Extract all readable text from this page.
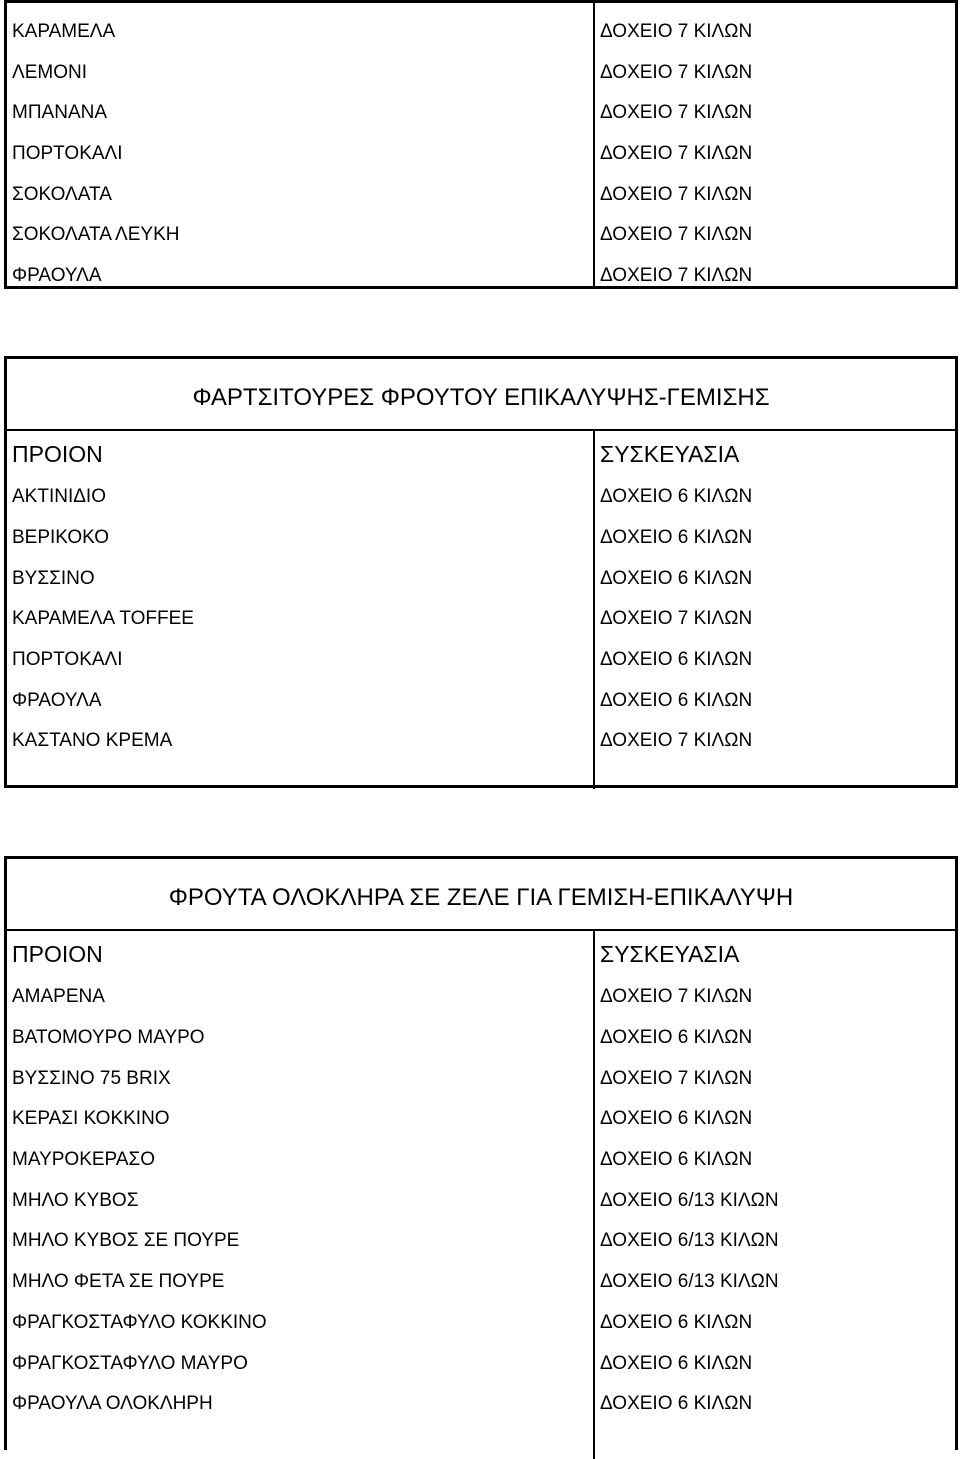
ΚΑΡΑΜΕΛΑ	ΔΟΧΕΙΟ 7 ΚΙΛΩΝ
ΛΕΜΟΝΙ	ΔΟΧΕΙΟ 7 ΚΙΛΩΝ
ΜΠΑΝΑΝΑ	ΔΟΧΕΙΟ 7 ΚΙΛΩΝ
ΠΟΡΤΟΚΑΛΙ	ΔΟΧΕΙΟ 7 ΚΙΛΩΝ
ΣΟΚΟΛΑΤΑ	ΔΟΧΕΙΟ 7 ΚΙΛΩΝ
ΣΟΚΟΛΑΤΑ ΛΕΥΚΗ	ΔΟΧΕΙΟ 7 ΚΙΛΩΝ
ΦΡΑΟΥΛΑ	ΔΟΧΕΙΟ 7 ΚΙΛΩΝ
ΦΑΡΤΣΙΤΟΥΡΕΣ ΦΡΟΥΤΟΥ ΕΠΙΚΑΛΥΨΗΣ-ΓΕΜΙΣΗΣ
ΠΡΟΙΟΝ	ΣΥΣΚΕΥΑΣΙΑ
ΑΚΤΙΝΙΔΙΟ	ΔΟΧΕΙΟ 6 ΚΙΛΩΝ
ΒΕΡΙΚΟΚΟ	ΔΟΧΕΙΟ 6 ΚΙΛΩΝ
ΒΥΣΣΙΝΟ	ΔΟΧΕΙΟ 6 ΚΙΛΩΝ
ΚΑΡΑΜΕΛΑ TOFFEE	ΔΟΧΕΙΟ 7 ΚΙΛΩΝ
ΠΟΡΤΟΚΑΛΙ	ΔΟΧΕΙΟ 6 ΚΙΛΩΝ
ΦΡΑΟΥΛΑ	ΔΟΧΕΙΟ 6 ΚΙΛΩΝ
ΚΑΣΤΑΝΟ ΚΡΕΜΑ	ΔΟΧΕΙΟ 7 ΚΙΛΩΝ
ΦΡΟΥΤΑ ΟΛΟΚΛΗΡΑ ΣΕ ΖΕΛΕ ΓΙΑ ΓΕΜΙΣΗ-ΕΠΙΚΑΛΥΨΗ
ΠΡΟΙΟΝ	ΣΥΣΚΕΥΑΣΙΑ
ΑΜΑΡΕΝΑ	ΔΟΧΕΙΟ 7 ΚΙΛΩΝ
ΒΑΤΟΜΟΥΡΟ ΜΑΥΡΟ	ΔΟΧΕΙΟ 6 ΚΙΛΩΝ
ΒΥΣΣΙΝΟ 75 BRIX	ΔΟΧΕΙΟ 7 ΚΙΛΩΝ
ΚΕΡΑΣΙ ΚΟΚΚΙΝΟ	ΔΟΧΕΙΟ 6 ΚΙΛΩΝ
ΜΑΥΡΟΚΕΡΑΣΟ	ΔΟΧΕΙΟ 6 ΚΙΛΩΝ
ΜΗΛΟ ΚΥΒΟΣ	ΔΟΧΕΙΟ 6/13 ΚΙΛΩΝ
ΜΗΛΟ ΚΥΒΟΣ ΣΕ ΠΟΥΡΕ	ΔΟΧΕΙΟ 6/13 ΚΙΛΩΝ
ΜΗΛΟ ΦΕΤΑ ΣΕ ΠΟΥΡΕ	ΔΟΧΕΙΟ 6/13 ΚΙΛΩΝ
ΦΡΑΓΚΟΣΤΑΦΥΛΟ ΚΟΚΚΙΝΟ	ΔΟΧΕΙΟ 6 ΚΙΛΩΝ
ΦΡΑΓΚΟΣΤΑΦΥΛΟ ΜΑΥΡΟ	ΔΟΧΕΙΟ 6 ΚΙΛΩΝ
ΦΡΑΟΥΛΑ ΟΛΟΚΛΗΡΗ	ΔΟΧΕΙΟ 6 ΚΙΛΩΝ
